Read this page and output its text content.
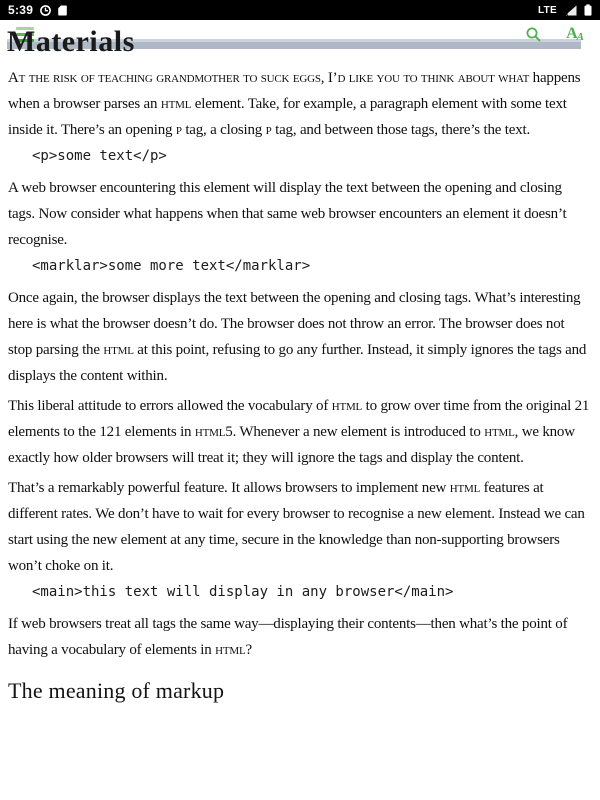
5:39	LTE
AA
Materials

At the risk of teaching grandmother to suck eggs, I’d like you to think about what happens when a browser parses an html element. Take, for example, a paragraph element with some text inside it. There’s an opening p tag, a closing p tag, and between those tags, there’s the text.

<p>some text</p>

A web browser encountering this element will display the text between the opening and closing tags. Now consider what happens when that same web browser encounters an element it doesn’t recognise.

<marklar>some more text</marklar>

Once again, the browser displays the text between the opening and closing tags. What’s interesting here is what the browser doesn’t do. The browser does not throw an error. The browser does not stop parsing the html at this point, refusing to go any further. Instead, it simply ignores the tags and displays the content within.

This liberal attitude to errors allowed the vocabulary of html to grow over time from the original 21 elements to the 121 elements in html5. Whenever a new element is introduced to html, we know exactly how older browsers will treat it; they will ignore the tags and display the content.

That’s a remarkably powerful feature. It allows browsers to implement new html features at different rates. We don’t have to wait for every browser to recognise a new element. Instead we can start using the new element at any time, secure in the knowledge than non-supporting browsers won’t choke on it.

<main>this text will display in any browser</main>

If web browsers treat all tags the same way—displaying their contents—then what’s the point of having a vocabulary of elements in html?

The meaning of markup
